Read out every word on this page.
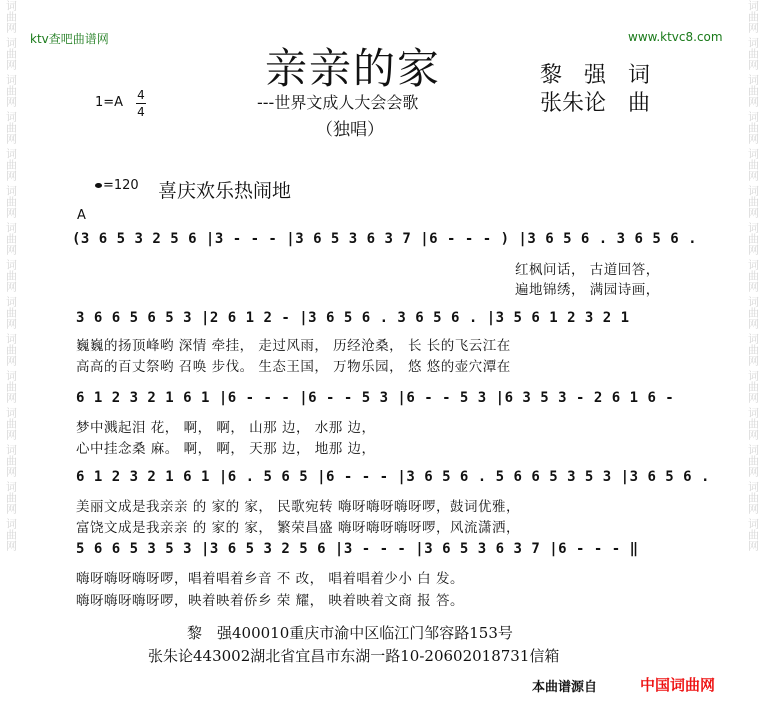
词曲网
词曲网
词曲网
词曲网
词曲网
词曲网
词曲网
词曲网
词曲网
词曲网
词曲网
词曲网
词曲网
词曲网
词曲网
词曲网
词曲网
词曲网
词曲网
词曲网
词曲网
词曲网
词曲网
词曲网
词曲网
词曲网
词曲网
词曲网
词曲网
词曲网
ktv查吧曲谱网	www.ktvc8.com
亲亲的家
---世界文成人大会会歌
（独唱）
黎　强　词
张朱论　曲
1=A 4
4
=120 喜庆欢乐热闹地
A
(3 6 5 3 2 5 6 |3 - - - |3 6 5 3 6 3 7 |6 - - - ) |3 6 5 6 . 3 6 5 6 .
红枫问话， 古道回答，
遍地锦绣， 满园诗画，
3 6 6 5 6 5 3 |2 6 1 2 - |3 6 5 6 . 3 6 5 6 . |3 5 6 1 2 3 2 1
巍巍的扬顶峰哟 深情 牵挂， 走过风雨， 历经沧桑， 长 长的飞云江在
高高的百丈祭哟 召唤 步伐。 生态王国， 万物乐园， 悠 悠的壶穴潭在
6 1 2 3 2 1 6 1 |6 - - - |6 - - 5 3 |6 - - 5 3 |6 3 5 3 - 2 6 1 6 -
梦中溅起泪 花， 啊， 啊， 山那 边， 水那 边，
心中挂念桑 麻。 啊， 啊， 天那 边， 地那 边，
6 1 2 3 2 1 6 1 |6 . 5 6 5 |6 - - - |3 6 5 6 . 5 6 6 5 3 5 3 |3 6 5 6 .
美丽文成是我亲亲 的 家的 家， 民歌宛转 嗨呀嗨呀嗨呀啰，鼓词优雅，
富饶文成是我亲亲 的 家的 家， 繁荣昌盛 嗨呀嗨呀嗨呀啰，风流潇洒，
5 6 6 5 3 5 3 |3 6 5 3 2 5 6 |3 - - - |3 6 5 3 6 3 7 |6 - - - ‖
嗨呀嗨呀嗨呀啰，唱着唱着乡音 不 改， 唱着唱着少小 白 发。
嗨呀嗨呀嗨呀啰，映着映着侨乡 荣 耀， 映着映着文商 报 答。
黎　强400010重庆市渝中区临江门邹容路153号
张朱论443002湖北省宜昌市东湖一路10-20602018731信箱
本曲谱源自	中国词曲网
